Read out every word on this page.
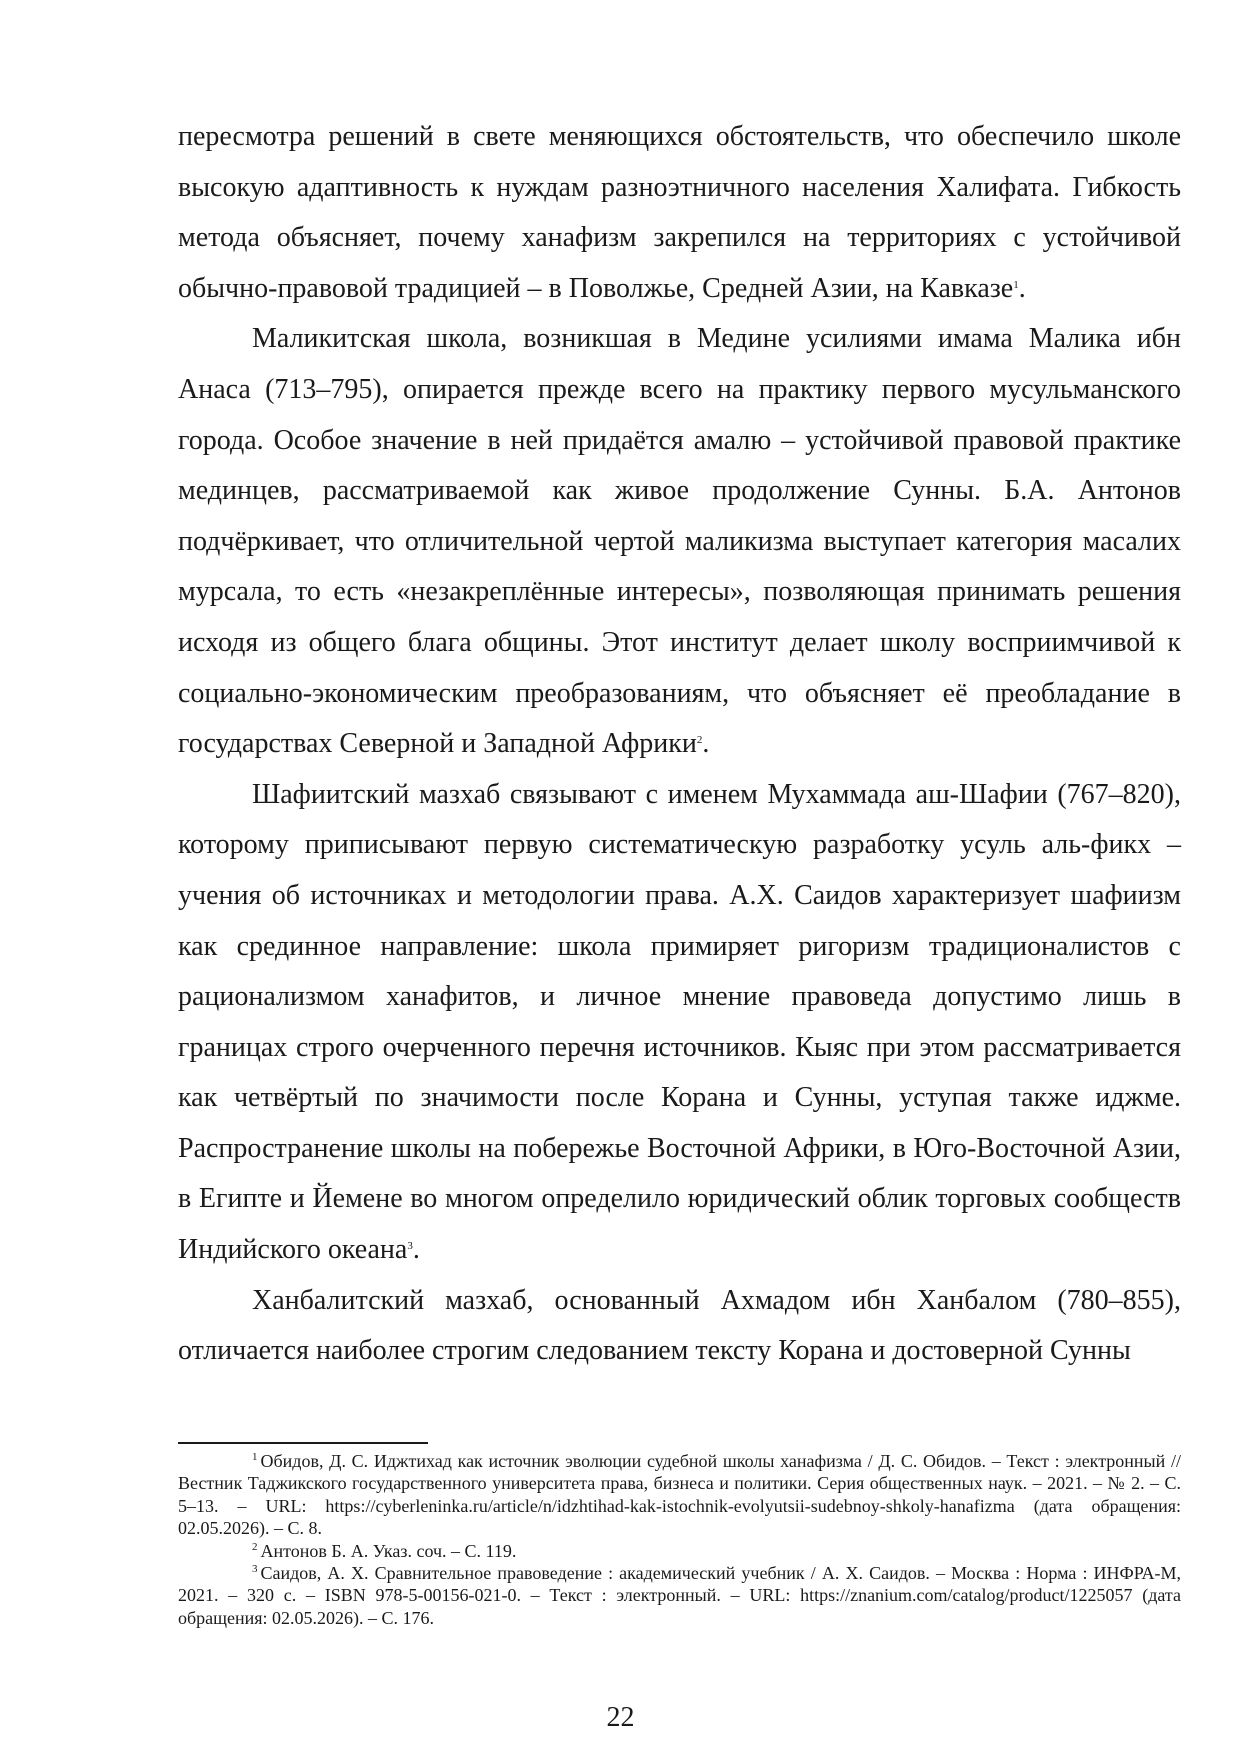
пересмотра решений в свете меняющихся обстоятельств, что обеспечило школе высокую адаптивность к нуждам разноэтничного населения Халифата. Гибкость метода объясняет, почему ханафизм закрепился на территориях с устойчивой обычно-правовой традицией – в Поволжье, Средней Азии, на Кавказе$^1$.

Маликитская школа, возникшая в Медине усилиями имама Малика ибн Анаса (713–795), опирается прежде всего на практику первого мусульманского города. Особое значение в ней придаётся амалю – устойчивой правовой практике мединцев, рассматриваемой как живое продолжение Сунны. Б.А. Антонов подчёркивает, что отличительной чертой маликизма выступает категория масалих мурсала, то есть «незакреплённые интересы», позволяющая принимать решения исходя из общего блага общины. Этот институт делает школу восприимчивой к социально-экономическим преобразованиям, что объясняет её преобладание в государствах Северной и Западной Африки$^2$.

Шафиитский мазхаб связывают с именем Мухаммада аш-Шафии (767–820), которому приписывают первую систематическую разработку усуль аль-фикх – учения об источниках и методологии права. А.Х. Саидов характеризует шафиизм как срединное направление: школа примиряет ригоризм традиционалистов с рационализмом ханафитов, и личное мнение правоведа допустимо лишь в границах строго очерченного перечня источников. Кыяс при этом рассматривается как четвёртый по значимости после Корана и Сунны, уступая также иджме. Распространение школы на побережье Восточной Африки, в Юго-Восточной Азии, в Египте и Йемене во многом определило юридический облик торговых сообществ Индийского океана$^3$.

Ханбалитский мазхаб, основанный Ахмадом ибн Ханбалом (780–855), отличается наиболее строгим следованием тексту Корана и достоверной Сунны

$^1$ Обидов, Д. С. Иджтихад как источник эволюции судебной школы ханафизма / Д. С. Обидов. – Текст : электронный // Вестник Таджикского государственного университета права, бизнеса и политики. Серия общественных наук. – 2021. – № 2. – С. 5–13. – URL: https://cyberleninka.ru/article/n/idzhtihad-kak-istochnik-evolyutsii-sudebnoy-shkoly-hanafizma (дата обращения: 02.05.2026). – С. 8.

$^2$ Антонов Б. А. Указ. соч. – С. 119.

$^3$ Саидов, А. Х. Сравнительное правоведение : академический учебник / А. Х. Саидов. – Москва : Норма : ИНФРА-М, 2021. – 320 с. – ISBN 978-5-00156-021-0. – Текст : электронный. – URL: https://znanium.com/catalog/product/1225057 (дата обращения: 02.05.2026). – С. 176.

22
